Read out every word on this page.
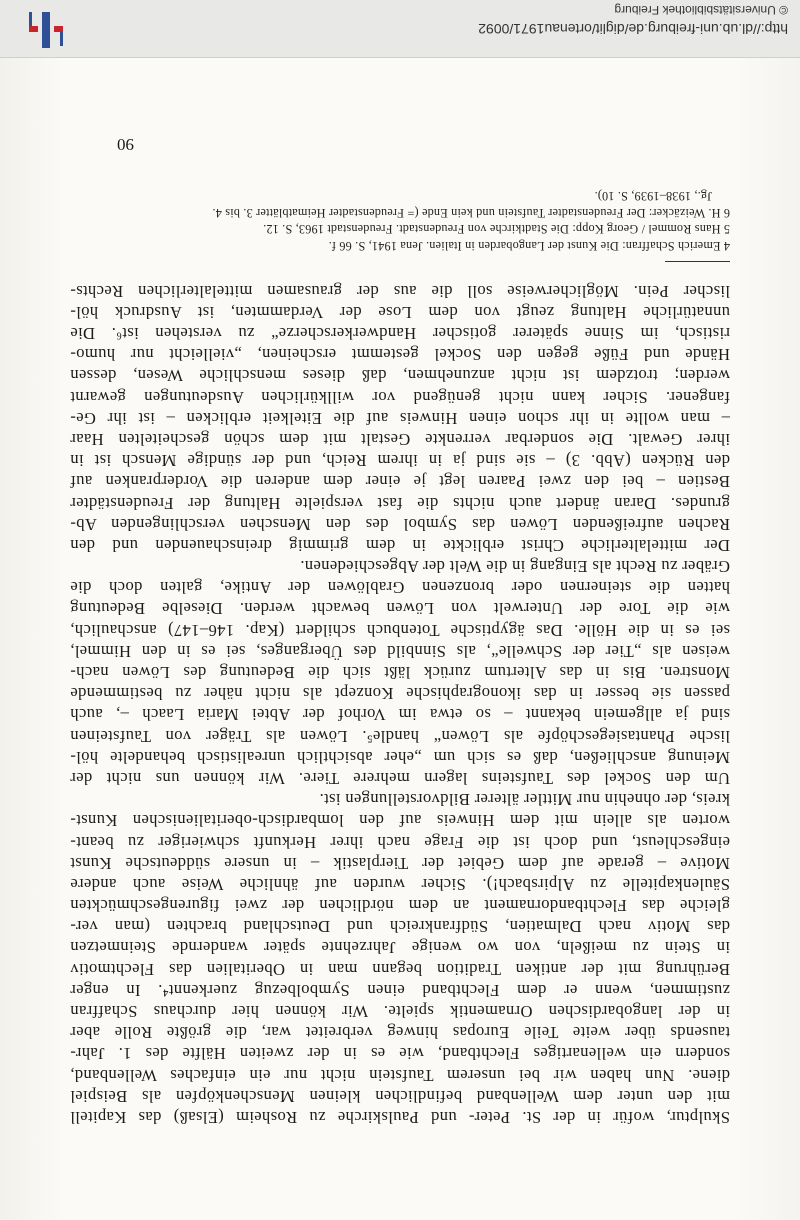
90
Skulptur, wofür in der St. Peter- und Paulskirche zu Rosheim (Elsaß) das Kapitell
mit den unter dem Wellenband befindlichen kleinen Menschenköpfen als Beispiel
diene. Nun haben wir bei unserem Taufstein nicht nur ein einfaches Wellenband,
sondern ein wellenartiges Flechtband, wie es in der zweiten Hälfte des 1. Jahr-
tausends über weite Teile Europas hinweg verbreitet war, die größte Rolle aber
in der langobardischen Ornamentik spielte. Wir können hier durchaus Schaffran
zustimmen, wenn er dem Flechtband einen Symbolbezug zuerkennt⁴. In enger
Berührung mit der antiken Tradition begann man in Oberitalien das Flechtmotiv
in Stein zu meißeln, von wo wenige Jahrzehnte später wandernde Steinmetzen
das Motiv nach Dalmatien, Südfrankreich und Deutschland brachten (man ver-
gleiche das Flechtbandornament an dem nördlichen der zwei figurengeschmückten
Säulenkapitelle zu Alpirsbach!). Sicher wurden auf ähnliche Weise auch andere
Motive – gerade auf dem Gebiet der Tierplastik – in unsere süddeutsche Kunst
eingeschleust, und doch ist die Frage nach ihrer Herkunft schwieriger zu beant-
worten als allein mit dem Hinweis auf den lombardisch-oberitalienischen Kunst-
kreis, der ohnehin nur Mittler älterer Bildvorstellungen ist.
Um den Sockel des Taufsteins lagern mehrere Tiere. Wir können uns nicht der
Meinung anschließen, daß es sich um „eher absichtlich unrealistisch behandelte höl-
lische Phantasiegeschöpfe als Löwen“ handle⁵. Löwen als Träger von Taufsteinen
sind ja allgemein bekannt – so etwa im Vorhof der Abtei Maria Laach –, auch
passen sie besser in das ikonographische Konzept als nicht näher zu bestimmende
Monstren. Bis in das Altertum zurück läßt sich die Bedeutung des Löwen nach-
weisen als „Tier der Schwelle“, als Sinnbild des Überganges, sei es in den Himmel,
sei es in die Hölle. Das ägyptische Totenbuch schildert (Kap. 146–147) anschaulich,
wie die Tore der Unterwelt von Löwen bewacht werden. Dieselbe Bedeutung
hatten die steinernen oder bronzenen Grablöwen der Antike, galten doch die
Gräber zu Recht als Eingang in die Welt der Abgeschiedenen.
Der mittelalterliche Christ erblickte in dem grimmig dreinschauenden und den
Rachen aufreißenden Löwen das Symbol des den Menschen verschlingenden Ab-
grundes. Daran ändert auch nichts die fast verspielte Haltung der Freudenstädter
Bestien – bei den zwei Paaren legt je einer dem anderen die Vorderpranken auf
den Rücken (Abb. 3) – sie sind ja in ihrem Reich, und der sündige Mensch ist in
ihrer Gewalt. Die sonderbar verrenkte Gestalt mit dem schön gescheitelten Haar
– man wollte in ihr schon einen Hinweis auf die Eitelkeit erblicken – ist ihr Ge-
fangener. Sicher kann nicht genügend vor willkürlichen Ausdeutungen gewarnt
werden; trotzdem ist nicht anzunehmen, daß dieses menschliche Wesen, dessen
Hände und Füße gegen den Sockel gestemmt erscheinen, „vielleicht nur humo-
ristisch, im Sinne späterer gotischer Handwerkerscherze“ zu verstehen ist⁶. Die
unnatürliche Haltung zeugt von dem Lose der Verdammten, ist Ausdruck höl-
lischer Pein. Möglicherweise soll die aus der grausamen mittelalterlichen Rechts-
4 Emerich Schaffran: Die Kunst der Langobarden in Italien. Jena 1941, S. 66 f.
5 Hans Rommel / Georg Kopp: Die Stadtkirche von Freudenstadt. Freudenstadt 1963, S. 12.
6 H. Weizäcker: Der Freudenstadter Taufstein und kein Ende (= Freudenstadter Heimatblätter 3. bis 4.
Jg., 1938–1939, S. 10).
http://dl.ub.uni-freiburg.de/diglit/ortenau1971/0092
© Universitätsbibliothek Freiburg
